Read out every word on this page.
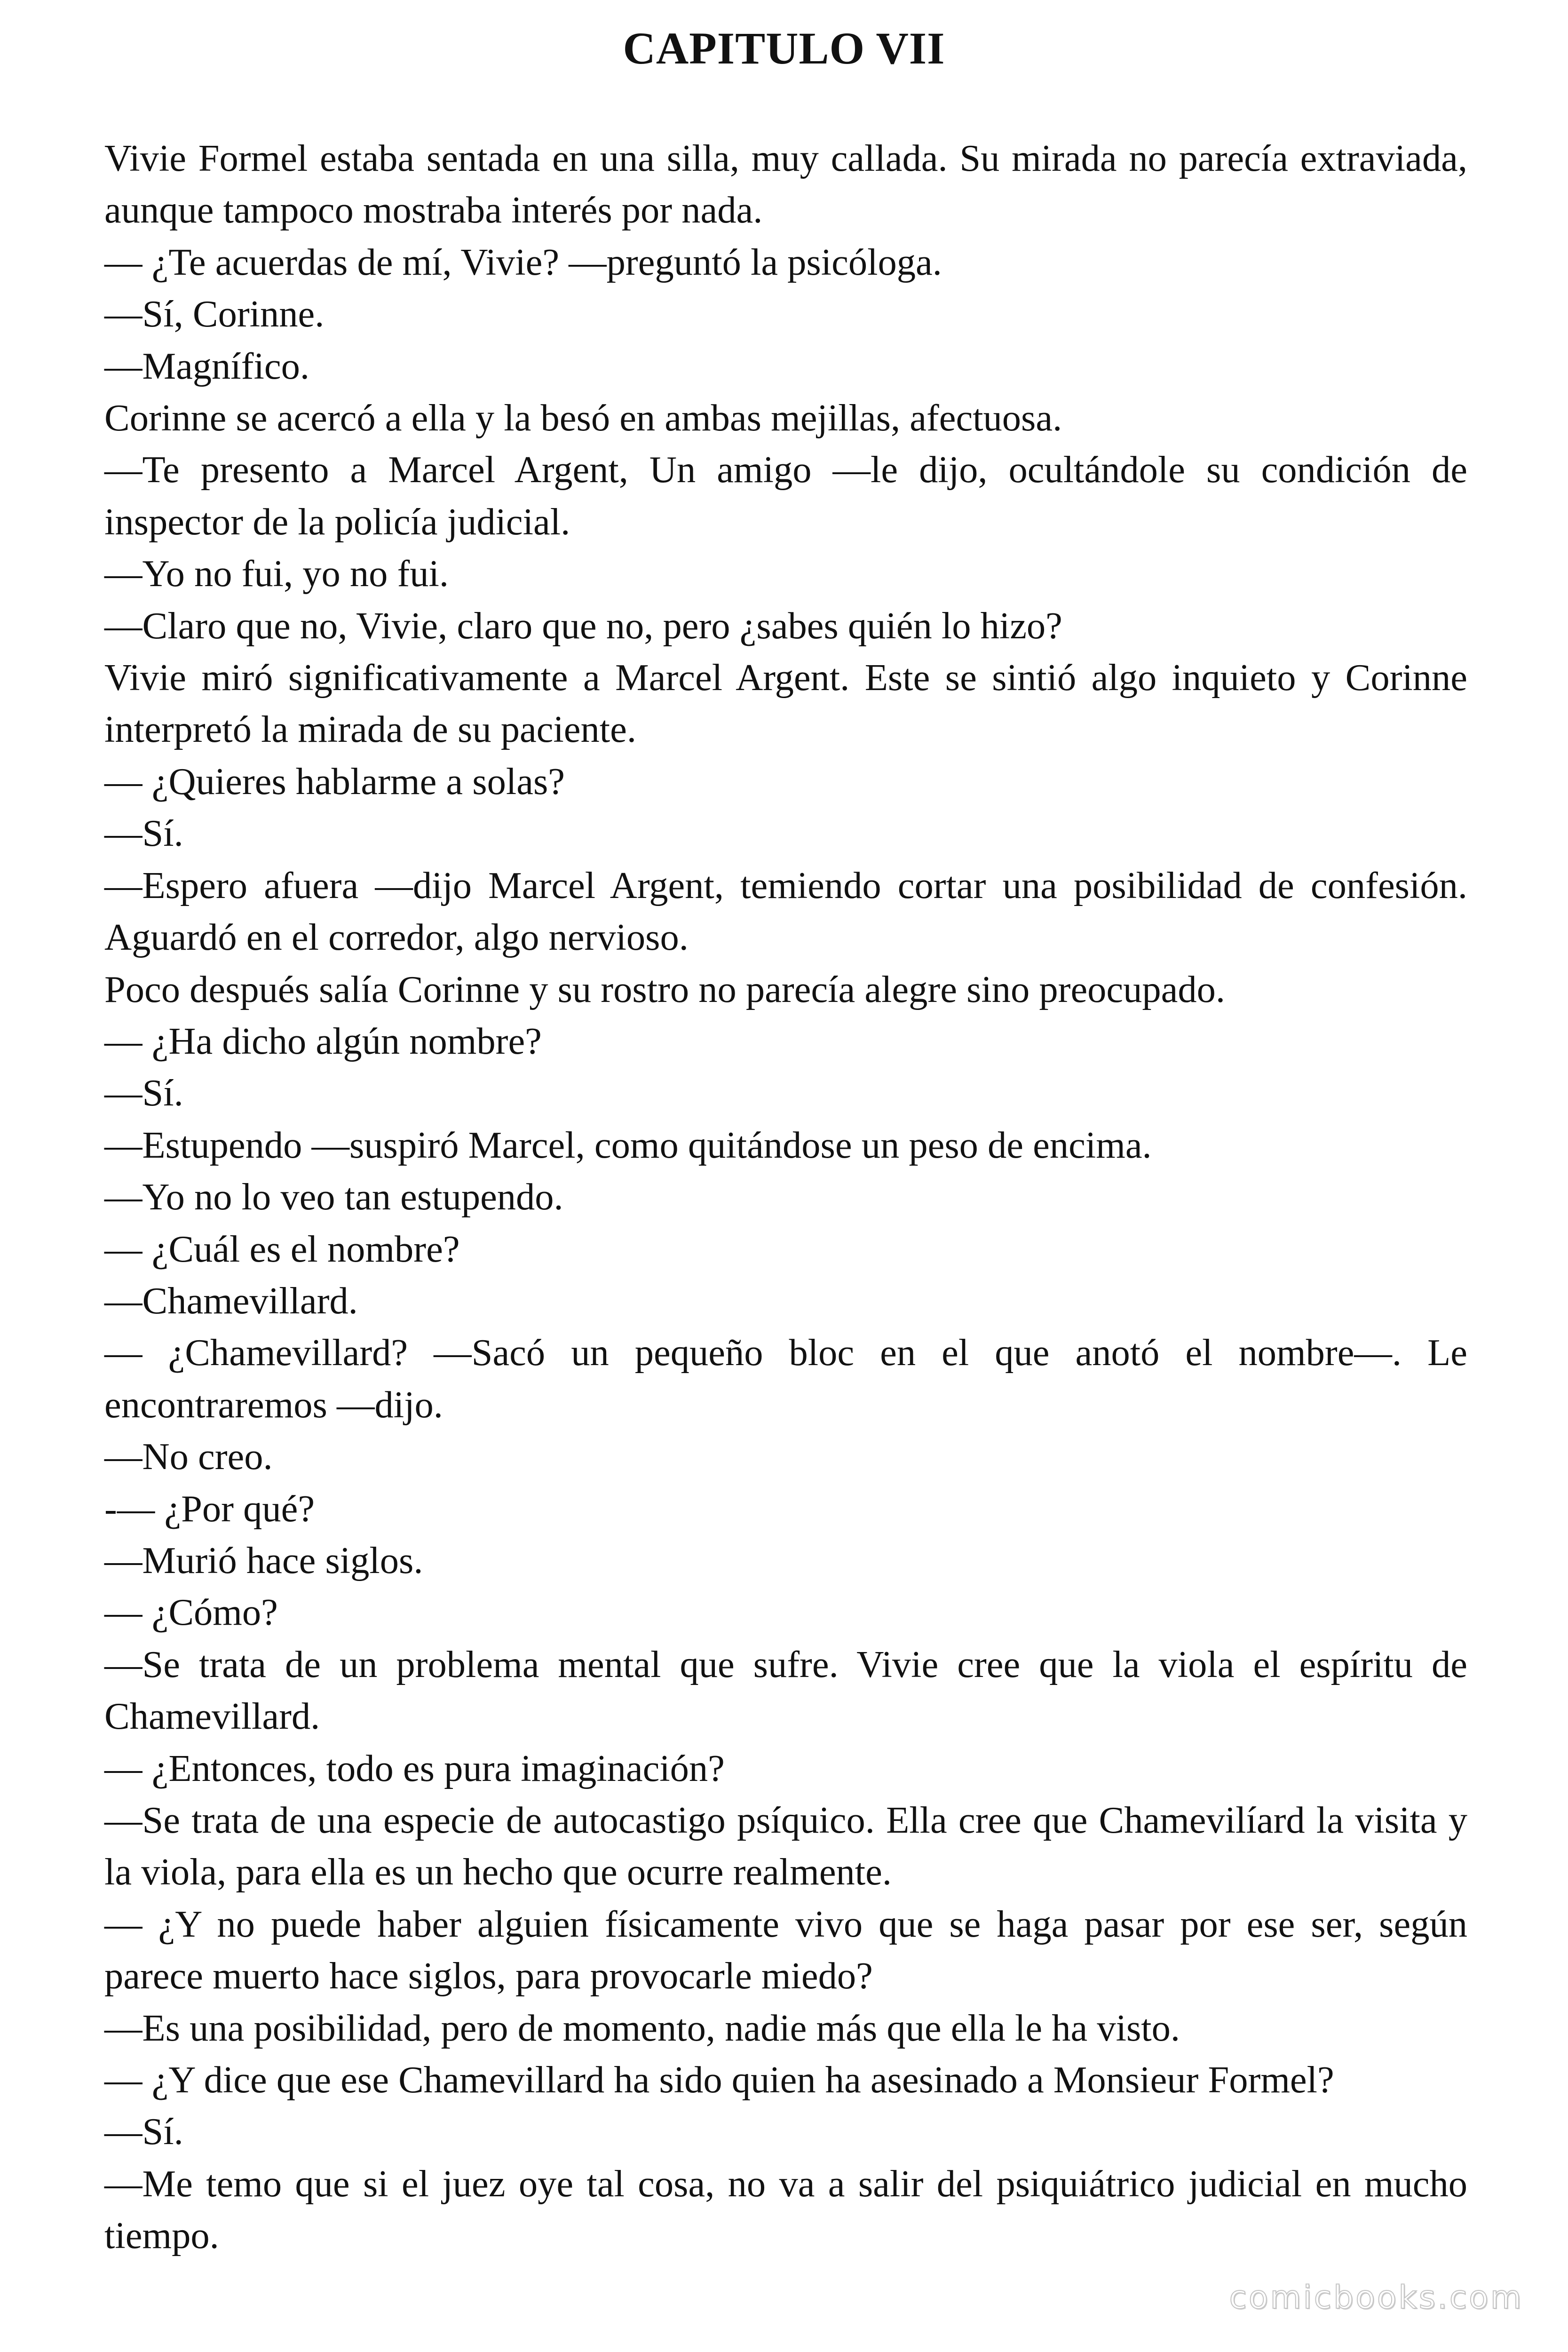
CAPITULO VII

Vivie Formel estaba sentada en una silla, muy callada. Su mirada no parecía extraviada, aunque tampoco mostraba interés por nada.

— ¿Te acuerdas de mí, Vivie? —preguntó la psicóloga.

—Sí, Corinne.

—Magnífico.

Corinne se acercó a ella y la besó en ambas mejillas, afectuosa.

—Te presento a Marcel Argent, Un amigo —le dijo, ocultándole su condición de inspector de la policía judicial.

—Yo no fui, yo no fui.

—Claro que no, Vivie, claro que no, pero ¿sabes quién lo hizo?

Vivie miró significativamente a Marcel Argent. Este se sintió algo inquieto y Corinne interpretó la mirada de su paciente.

— ¿Quieres hablarme a solas?

—Sí.

—Espero afuera —dijo Marcel Argent, temiendo cortar una posibilidad de confesión. Aguardó en el corredor, algo nervioso.

Poco después salía Corinne y su rostro no parecía alegre sino preocupado.

— ¿Ha dicho algún nombre?

—Sí.

—Estupendo —suspiró Marcel, como quitándose un peso de encima.

—Yo no lo veo tan estupendo.

— ¿Cuál es el nombre?

—Chamevillard.

— ¿Chamevillard? —Sacó un pequeño bloc en el que anotó el nombre—. Le encontraremos —dijo.

—No creo.

-— ¿Por qué?

—Murió hace siglos.

— ¿Cómo?

—Se trata de un problema mental que sufre. Vivie cree que la viola el espíritu de Chamevillard.

— ¿Entonces, todo es pura imaginación?

—Se trata de una especie de autocastigo psíquico. Ella cree que Chamevilíard la visita y la viola, para ella es un hecho que ocurre realmente.

— ¿Y no puede haber alguien físicamente vivo que se haga pasar por ese ser, según parece muerto hace siglos, para provocarle miedo?

—Es una posibilidad, pero de momento, nadie más que ella le ha visto.

— ¿Y dice que ese Chamevillard ha sido quien ha asesinado a Monsieur Formel?

—Sí.

—Me temo que si el juez oye tal cosa, no va a salir del psiquiátrico judicial en mucho tiempo.

comicbooks.com
